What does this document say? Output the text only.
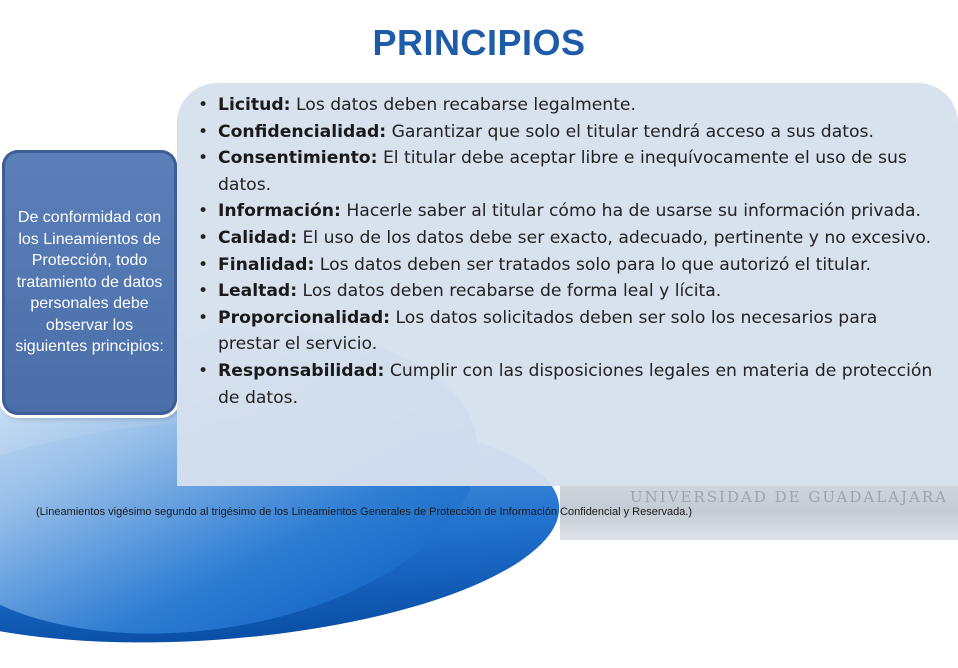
UNIVERSIDAD DE GUADALAJARA
PRINCIPIOS
De conformidad con los Lineamientos de Protección, todo tratamiento de datos personales debe observar los siguientes principios:
• Licitud: Los datos deben recabarse legalmente.
• Confidencialidad: Garantizar que solo el titular tendrá acceso a sus datos.
• Consentimiento: El titular debe aceptar libre e inequívocamente el uso de sus datos.
• Información: Hacerle saber al titular cómo ha de usarse su información privada.
• Calidad: El uso de los datos debe ser exacto, adecuado, pertinente y no excesivo.
• Finalidad: Los datos deben ser tratados solo para lo que autorizó el titular.
• Lealtad: Los datos deben recabarse de forma leal y lícita.
• Proporcionalidad: Los datos solicitados deben ser solo los necesarios para prestar el servicio.
• Responsabilidad: Cumplir con las disposiciones legales en materia de protección de datos.
(Lineamientos vigésimo segundo al trigésimo de los Lineamientos Generales de Protección de Información Confidencial y Reservada.)
